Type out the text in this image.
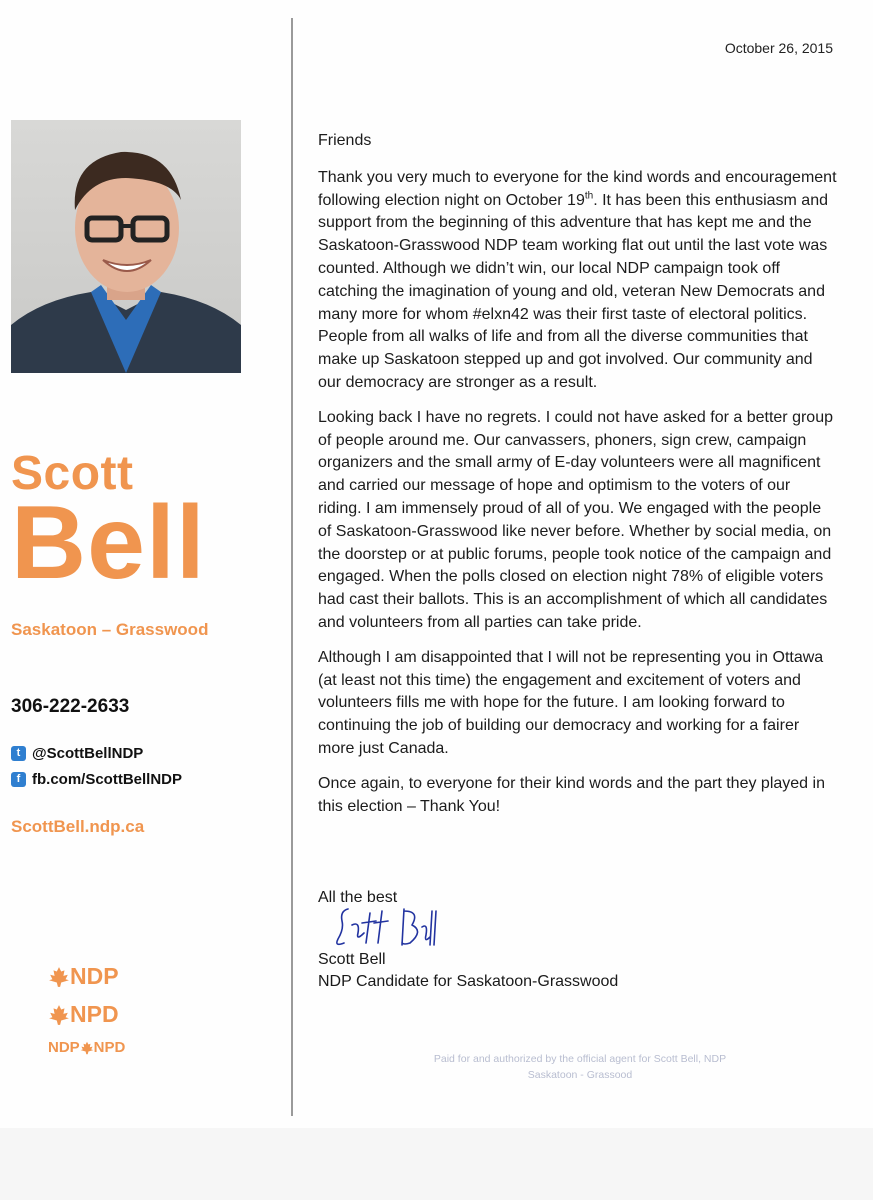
Scott
Bell
Saskatoon – Grasswood
306-222-2633
t @ScottBellNDP
f fb.com/ScottBellNDP
ScottBell.ndp.ca
NDP
NPD
NDP NPD
October 26, 2015

Friends

Thank you very much to everyone for the kind words and encouragement following election night on October 19th. It has been this enthusiasm and support from the beginning of this adventure that has kept me and the Saskatoon-Grasswood NDP team working flat out until the last vote was counted. Although we didn’t win, our local NDP campaign took off catching the imagination of young and old, veteran New Democrats and many more for whom #elxn42 was their first taste of electoral politics. People from all walks of life and from all the diverse communities that make up Saskatoon stepped up and got involved. Our community and our democracy are stronger as a result.

Looking back I have no regrets. I could not have asked for a better group of people around me. Our canvassers, phoners, sign crew, campaign organizers and the small army of E-day volunteers were all magnificent and carried our message of hope and optimism to the voters of our riding. I am immensely proud of all of you. We engaged with the people of Saskatoon-Grasswood like never before. Whether by social media, on the doorstep or at public forums, people took notice of the campaign and engaged. When the polls closed on election night 78% of eligible voters had cast their ballots. This is an accomplishment of which all candidates and volunteers from all parties can take pride.

Although I am disappointed that I will not be representing you in Ottawa (at least not this time) the engagement and excitement of voters and volunteers fills me with hope for the future. I am looking forward to continuing the job of building our democracy and working for a fairer more just Canada.

Once again, to everyone for their kind words and the part they played in this election – Thank You!

All the best
Scott Bell
NDP Candidate for Saskatoon-Grasswood
Paid for and authorized by the official agent for Scott Bell, NDP
Saskatoon - Grassood
